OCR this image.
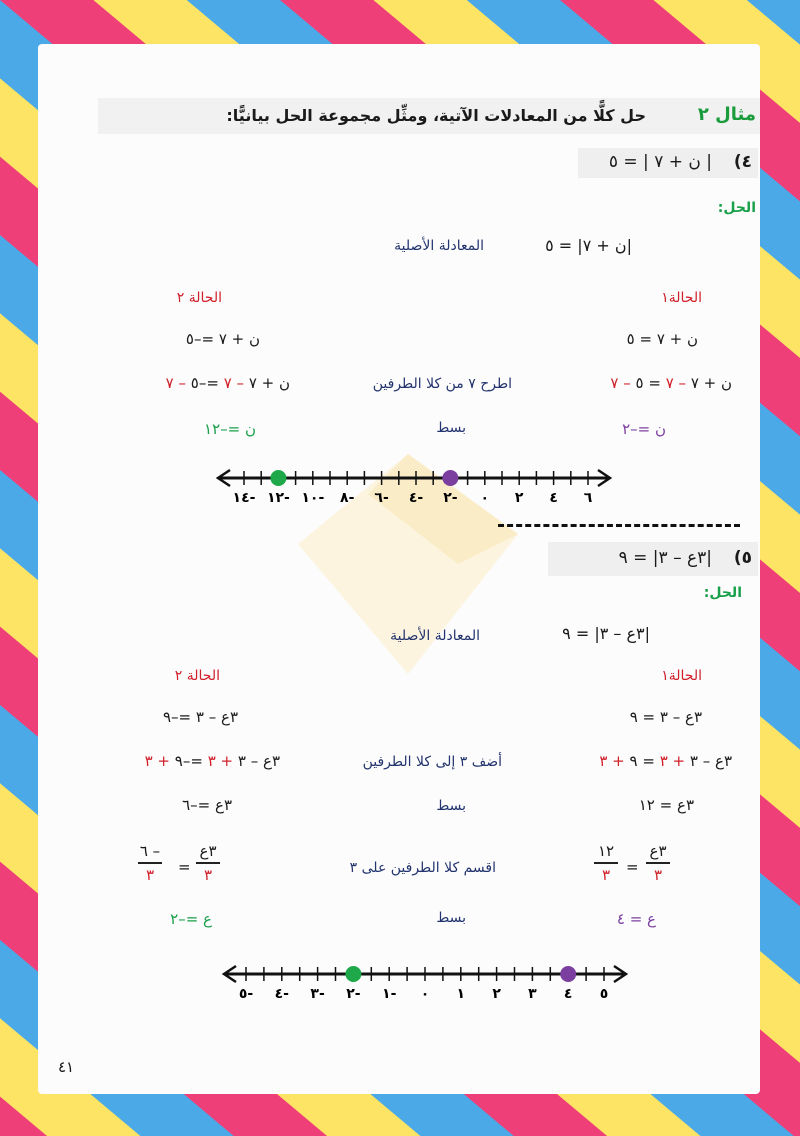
مثال ٢
حل كلًّا من المعادلات الآتية، ومثِّل مجموعة الحل بيانيًّا:
٤)
| ن + ٧ | = ٥
الحل:
|ن + ٧| = ٥
المعادلة الأصلية
الحالة١
الحالة ٢
ن + ٧ = ٥
ن + ٧ =–٥
ن + ٧ – ٧ = ٥ – ٧
ن + ٧ – ٧ =–٥ – ٧	اطرح ٧ من كلا الطرفين
ن =–٢
بسط
ن =–١٢
١٤- ١٢- ١٠- ٨- ٦- ٤- ٢- ٠ ٢ ٤ ٦
٥)
|٣ع – ٣| = ٩
الحل:
|٣ع – ٣| = ٩
المعادلة الأصلية
الحالة١
الحالة ٢
٣ع – ٣ = ٩
٣ع – ٣ =–٩
٣ع – ٣ + ٣ = ٩ + ٣
٣ع – ٣ + ٣ =–٩ + ٣	أضف ٣ إلى كلا الطرفين
٣ع = ١٢
بسط
٣ع =–٦
٣ع
٣
=
١٢
٣
اقسم كلا الطرفين على ٣
٣ع
٣
=
٦ –
٣
ع = ٤
بسط
ع =–٢
٥- ٤- ٣- ٢- ١- ٠ ١ ٢ ٣ ٤ ٥
٤١
